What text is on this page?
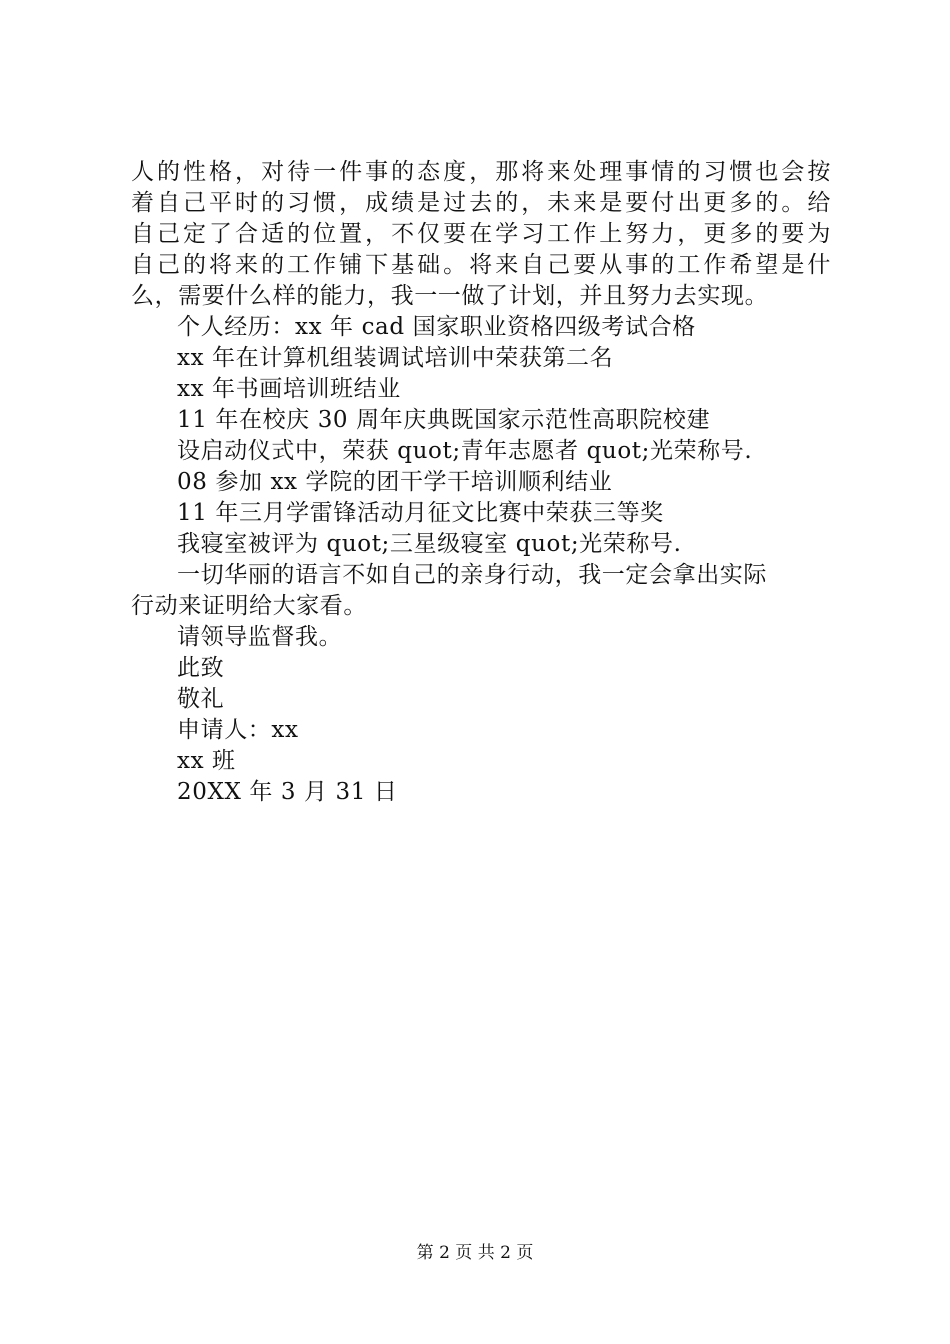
人的性格，对待一件事的态度，那将来处理事情的习惯也会按
着自己平时的习惯，成绩是过去的，未来是要付出更多的。给
自己定了合适的位置，不仅要在学习工作上努力，更多的要为
自己的将来的工作铺下基础。将来自己要从事的工作希望是什
么，需要什么样的能力，我一一做了计划，并且努力去实现。
个人经历：xx 年 cad 国家职业资格四级考试合格
xx 年在计算机组装调试培训中荣获第二名
xx 年书画培训班结业
11 年在校庆 30 周年庆典既国家示范性高职院校建
设启动仪式中，荣获 quot;青年志愿者 quot;光荣称号.
08 参加 xx 学院的团干学干培训顺利结业
11 年三月学雷锋活动月征文比赛中荣获三等奖
我寝室被评为 quot;三星级寝室 quot;光荣称号.
一切华丽的语言不如自己的亲身行动，我一定会拿出实际
行动来证明给大家看。
请领导监督我。
此致
敬礼
申请人：xx
xx 班
20XX 年 3 月 31 日
第 2 页 共 2 页
